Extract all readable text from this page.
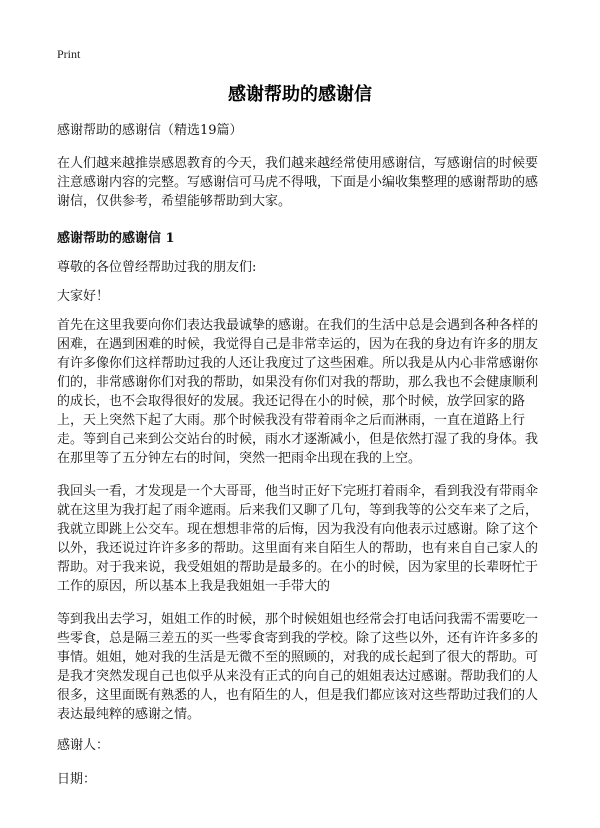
Print
感谢帮助的感谢信

感谢帮助的感谢信（精选19篇）

在人们越来越推崇感恩教育的今天，我们越来越经常使用感谢信，写感谢信的时候要注意感谢内容的完整。写感谢信可马虎不得哦，下面是小编收集整理的感谢帮助的感谢信，仅供参考，希望能够帮助到大家。

感谢帮助的感谢信 1

尊敬的各位曾经帮助过我的朋友们:

大家好！

首先在这里我要向你们表达我最诚挚的感谢。在我们的生活中总是会遇到各种各样的困难，在遇到困难的时候，我觉得自己是非常幸运的，因为在我的身边有许多的朋友有许多像你们这样帮助过我的人还让我度过了这些困难。所以我是从内心非常感谢你们的，非常感谢你们对我的帮助，如果没有你们对我的帮助，那么我也不会健康顺利的成长，也不会取得很好的发展。我还记得在小的时候，那个时候，放学回家的路上，天上突然下起了大雨。那个时候我没有带着雨伞之后而淋雨，一直在道路上行走。等到自己来到公交站台的时候，雨水才逐渐减小，但是依然打湿了我的身体。我在那里等了五分钟左右的时间，突然一把雨伞出现在我的上空。

我回头一看，才发现是一个大哥哥，他当时正好下完班打着雨伞，看到我没有带雨伞就在这里为我打起了雨伞遮雨。后来我们又聊了几句，等到我等的公交车来了之后，我就立即跳上公交车。现在想想非常的后悔，因为我没有向他表示过感谢。除了这个以外，我还说过许许多多的帮助。这里面有来自陌生人的帮助，也有来自自己家人的帮助。对于我来说，我受姐姐的帮助是最多的。在小的时候，因为家里的长辈呀忙于工作的原因，所以基本上我是我姐姐一手带大的

等到我出去学习，姐姐工作的时候，那个时候姐姐也经常会打电话问我需不需要吃一些零食，总是隔三差五的买一些零食寄到我的学校。除了这些以外，还有许许多多的事情。姐姐，她对我的生活是无微不至的照顾的，对我的成长起到了很大的帮助。可是我才突然发现自己也似乎从来没有正式的向自己的姐姐表达过感谢。帮助我们的人很多，这里面既有熟悉的人，也有陌生的人，但是我们都应该对这些帮助过我们的人表达最纯粹的感谢之情。

感谢人：

日期：
